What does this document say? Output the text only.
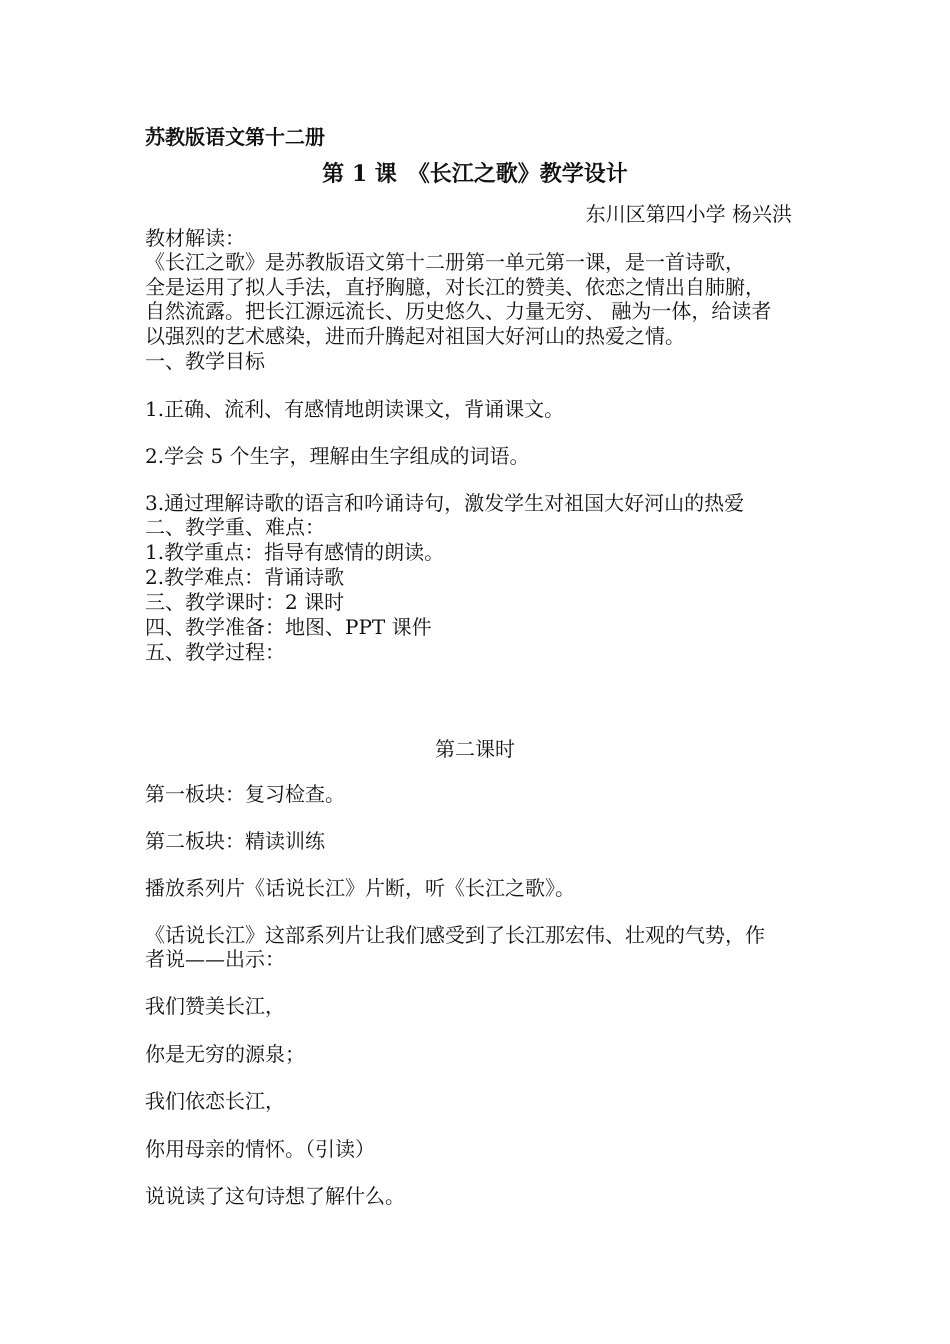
苏教版语文第十二册
第 1 课　《长江之歌》教学设计
东川区第四小学 杨兴洪
教材解读：
《长江之歌》是苏教版语文第十二册第一单元第一课，是一首诗歌，
全是运用了拟人手法，直抒胸臆，对长江的赞美、依恋之情出自肺腑，
自然流露。把长江源远流长、历史悠久、力量无穷、 融为一体，给读者
以强烈的艺术感染，进而升腾起对祖国大好河山的热爱之情。
一、教学目标
1.正确、流利、有感情地朗读课文，背诵课文。
2.学会 5 个生字，理解由生字组成的词语。
3.通过理解诗歌的语言和吟诵诗句，激发学生对祖国大好河山的热爱
二、教学重、难点：
1.教学重点：指导有感情的朗读。
2.教学难点：背诵诗歌
三、教学课时：2 课时
四、教学准备：地图、PPT 课件
五、教学过程：
第二课时
第一板块：复习检查。
第二板块：精读训练
播放系列片《话说长江》片断，听《长江之歌》。
《话说长江》这部系列片让我们感受到了长江那宏伟、壮观的气势，作
者说——出示：
我们赞美长江，
你是无穷的源泉；
我们依恋长江，
你用母亲的情怀。（引读）
说说读了这句诗想了解什么。
